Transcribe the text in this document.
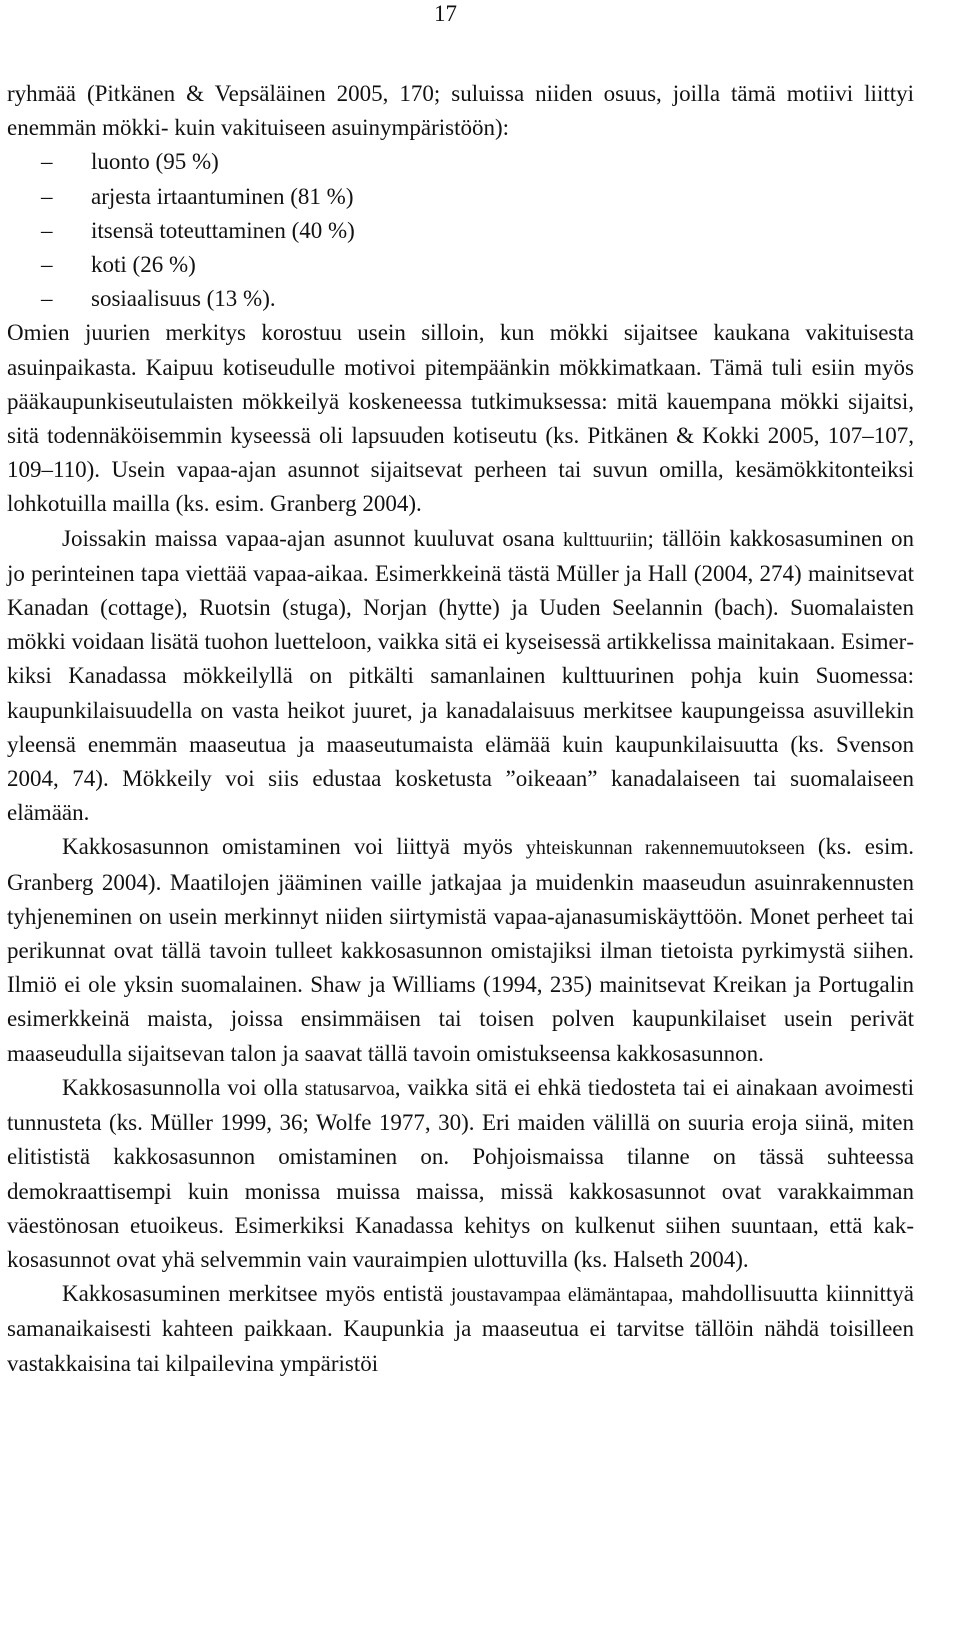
17

ryhmää (Pitkänen & Vepsäläinen 2005, 170; suluissa niiden osuus, joilla tämä motiivi liittyi enemmän mökki- kuin vakituiseen asuinympäristöön):

– luonto (95 %)
– arjesta irtaantuminen (81 %)
– itsensä toteuttaminen (40 %)
– koti (26 %)
– sosiaalisuus (13 %).

Omien juurien merkitys korostuu usein silloin, kun mökki sijaitsee kaukana vakituisesta asuinpaikasta. Kaipuu kotiseudulle motivoi pitempäänkin mökkimatkaan. Tämä tuli esiin myös pääkaupunkiseutulaisten mökkeilyä koskeneessa tutkimuksessa: mitä kauempana mökki sijaitsi, sitä todennäköisemmin kyseessä oli lapsuuden kotiseutu (ks. Pitkänen & Kokki 2005, 107–107, 109–110). Usein vapaa-ajan asunnot sijaitsevat perheen tai suvun omilla, kesämökkitonteiksi lohkotuilla mailla (ks. esim. Granberg 2004).

Joissakin maissa vapaa-ajan asunnot kuuluvat osana kulttuuriin; tällöin kakkosasuminen on jo perinteinen tapa viettää vapaa-aikaa. Esimerkkeinä tästä Müller ja Hall (2004, 274) mainitsevat Kanadan (cottage), Ruotsin (stuga), Norjan (hytte) ja Uuden Seelannin (bach). Suomalaisten mökki voidaan lisätä tuohon luetteloon, vaikka sitä ei kyseisessä artikkelissa mainitakaan. Esimerkiksi Kanadassa mökkeilyllä on pitkälti samanlainen kulttuurinen pohja kuin Suomessa: kaupunkilaisuudella on vasta heikot juuret, ja kanadalaisuus merkitsee kaupungeissa asuvillekin yleensä enemmän maaseutua ja maaseutumaista elämää kuin kaupunkilaisuutta (ks. Svenson 2004, 74). Mökkeily voi siis edustaa kosketusta ”oikeaan” kanadalaiseen tai suomalaiseen elämään.

Kakkosasunnon omistaminen voi liittyä myös yhteiskunnan rakennemuutokseen (ks. esim. Granberg 2004). Maatilojen jääminen vaille jatkajaa ja muidenkin maaseudun asuinrakennusten tyhjeneminen on usein merkinnyt niiden siirtymistä vapaa-ajanasumiskäyttöön. Monet perheet tai perikunnat ovat tällä tavoin tulleet kakkosasunnon omistajiksi ilman tietoista pyrkimystä siihen. Ilmiö ei ole yksin suomalainen. Shaw ja Williams (1994, 235) mainitsevat Kreikan ja Portugalin esimerkkeinä maista, joissa ensimmäisen tai toisen polven kaupunkilaiset usein perivät maaseudulla sijaitsevan talon ja saavat tällä tavoin omistukseensa kakkosasunnon.

Kakkosasunnolla voi olla statusarvoa, vaikka sitä ei ehkä tiedosteta tai ei ainakaan avoimesti tunnusteta (ks. Müller 1999, 36; Wolfe 1977, 30). Eri maiden välillä on suuria eroja siinä, miten elitististä kakkosasunnon omistaminen on. Pohjoismaissa tilanne on tässä suhteessa demokraattisempi kuin monissa muissa maissa, missä kakkosasunnot ovat varakkaimman väestönosan etuoikeus. Esimerkiksi Kanadassa kehitys on kulkenut siihen suuntaan, että kakkosasunnot ovat yhä selvemmin vain vauraimpien ulottuvilla (ks. Halseth 2004).

Kakkosasuminen merkitsee myös entistä joustavampaa elämäntapaa, mahdollisuutta kiinnittyä samanaikaisesti kahteen paikkaan. Kaupunkia ja maaseutua ei tarvitse tällöin nähdä toisilleen vastakkaisina tai kilpailevina ympäristöi
